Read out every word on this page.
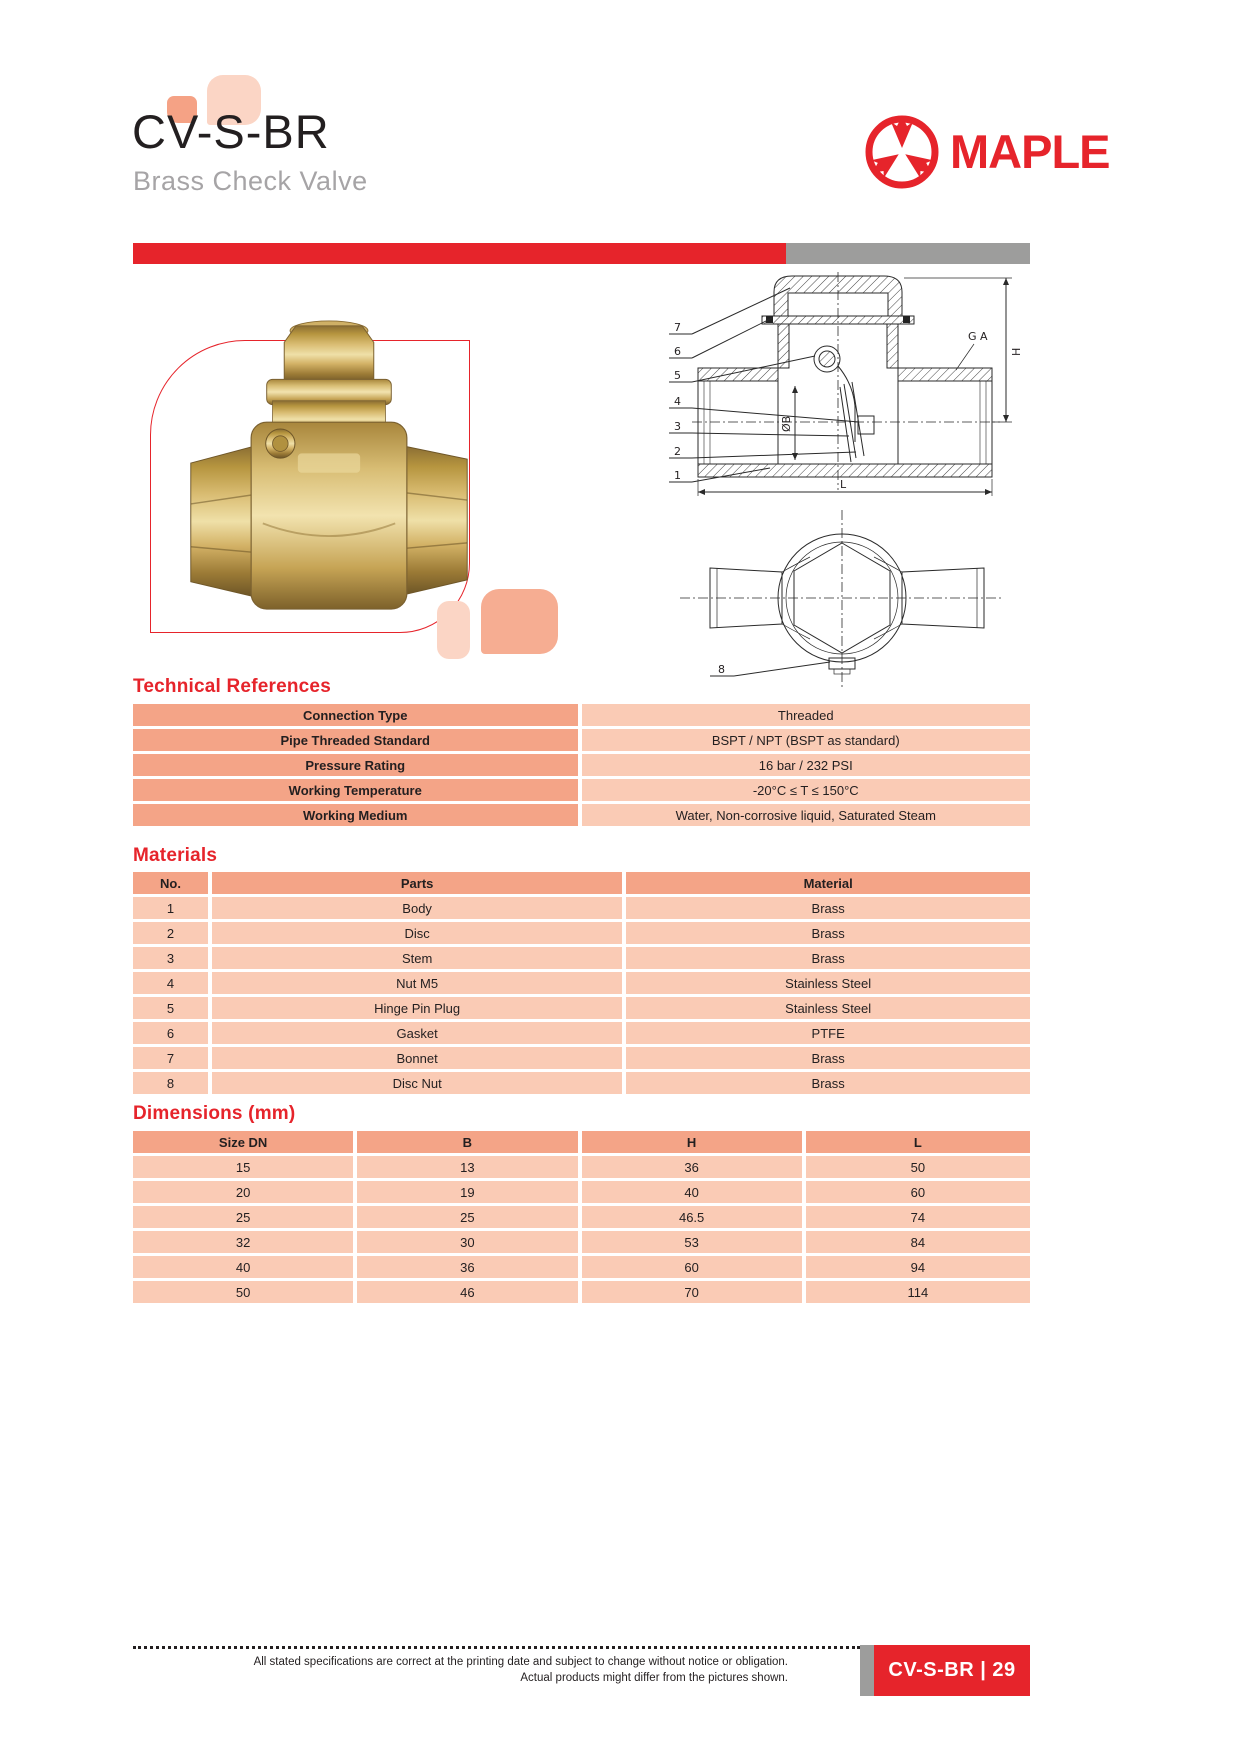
CV-S-BR
Brass Check Valve
MAPLE
7
6
5
4
3
2
1
8
G A
H
ØB
L
Technical References
Connection Type	Threaded
Pipe Threaded Standard	BSPT / NPT (BSPT as standard)
Pressure Rating	16 bar / 232 PSI
Working Temperature	-20°C ≤ T ≤ 150°C
Working Medium	Water, Non-corrosive liquid, Saturated Steam
Materials
No.	Parts	Material
1	Body	Brass
2	Disc	Brass
3	Stem	Brass
4	Nut M5	Stainless Steel
5	Hinge Pin Plug	Stainless Steel
6	Gasket	PTFE
7	Bonnet	Brass
8	Disc Nut	Brass
Dimensions (mm)
Size DN	B	H	L
15	13	36	50
20	19	40	60
25	25	46.5	74
32	30	53	84
40	36	60	94
50	46	70	114
All stated specifications are correct at the printing date and subject to change without notice or obligation.
Actual products might differ from the pictures shown.	CV-S-BR | 29
